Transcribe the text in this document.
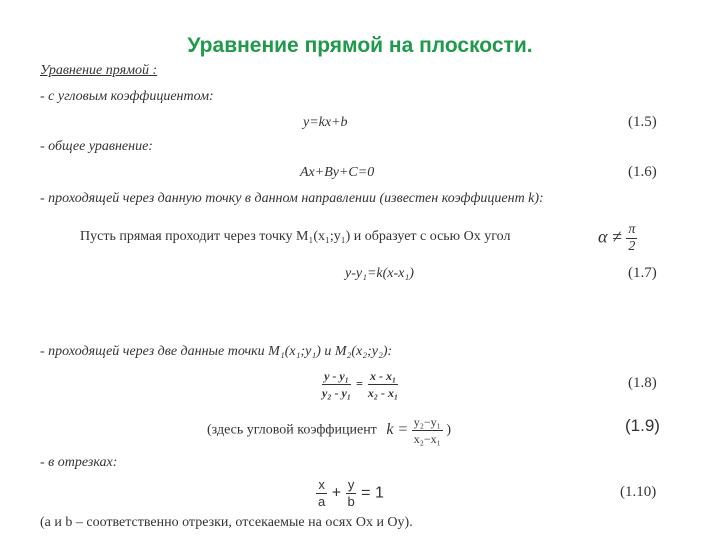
Уравнение прямой на плоскости.
Уравнение прямой :
- с угловым коэффициентом:
y=kx+b	(1.5)
- общее уравнение:
Ax+By+C=0	(1.6)
- проходящей через данную точку в данном направлении (известен коэффициент k):
Пусть прямая проходит через точку M₁(x₁;y₁) и образует с осью Ox угол	$\alpha \ne \frac{\pi}{2}$
y-y₁=k(x-x₁)	(1.7)
- проходящей через две данные точки M₁(x₁;y₁) и M₂(x₂;y₂):
$\frac{\text{y - y₁}}{\text{y₂ - y₁}} = \frac{\text{x - x₁}}{\text{x₂ - x₁}}$	(1.8)
(здесь угловой коэффициент $k = \frac{\text{y₂−y₁}}{\text{x₂−x₁}}$ )	(1.9)
- в отрезках:
$\frac{x}{a} + \frac{y}{b} = 1$	(1.10)
(a и b – соответственно отрезки, отсекаемые на осях Ox и Oy).
